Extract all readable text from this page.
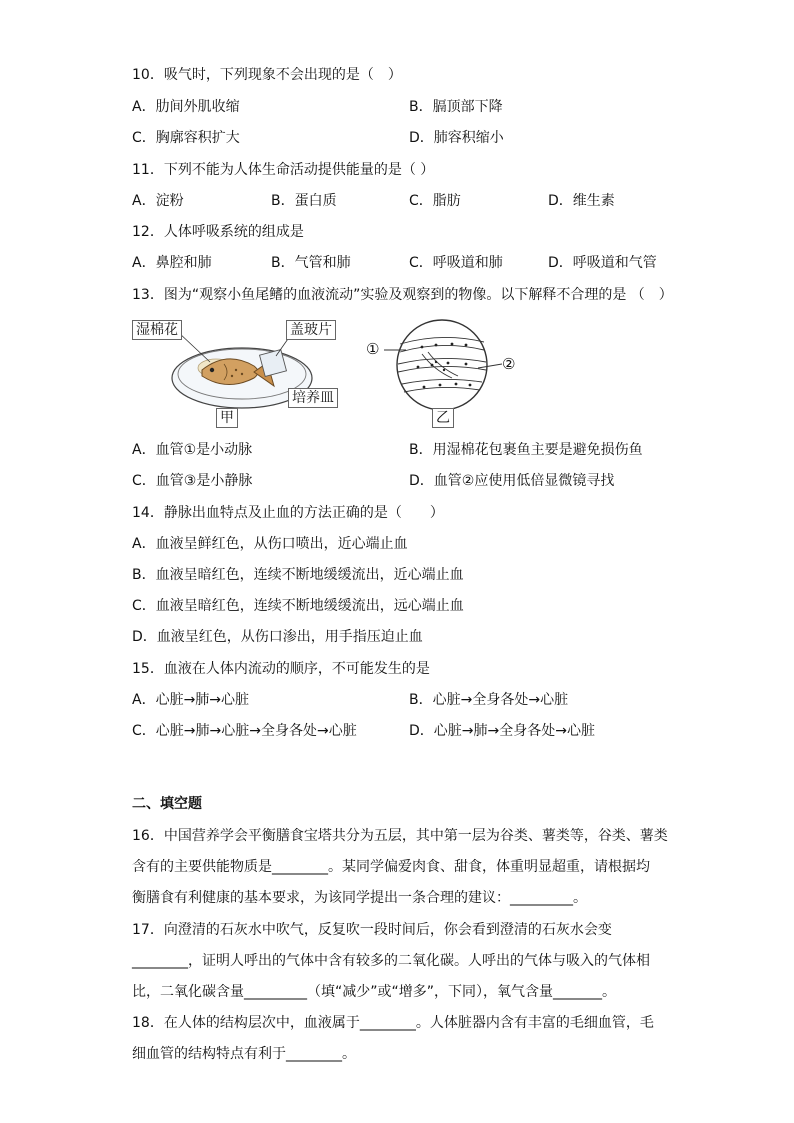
10．吸气时，下列现象不会出现的是（　）
A．肋间外肌收缩	B．膈顶部下降
C．胸廓容积扩大	D．肺容积缩小
11．下列不能为人体生命活动提供能量的是（ ）
A．淀粉	B．蛋白质	C．脂肪	D．维生素
12．人体呼吸系统的组成是
A．鼻腔和肺	B．气管和肺	C．呼吸道和肺	D．呼吸道和气管
13．图为“观察小鱼尾鳍的血液流动”实验及观察到的物像。以下解释不合理的是 （　）
湿棉花	盖玻片
培养皿
甲
①
②
乙
A．血管①是小动脉	B．用湿棉花包裹鱼主要是避免损伤鱼
C．血管③是小静脉	D．血管②应使用低倍显微镜寻找
14．静脉出血特点及止血的方法正确的是（　　）
A．血液呈鲜红色，从伤口喷出，近心端止血
B．血液呈暗红色，连续不断地缓缓流出，近心端止血
C．血液呈暗红色，连续不断地缓缓流出，远心端止血
D．血液呈红色，从伤口渗出，用手指压迫止血
15．血液在人体内流动的顺序，不可能发生的是
A．心脏→肺→心脏	B．心脏→全身各处→心脏
C．心脏→肺→心脏→全身各处→心脏	D．心脏→肺→全身各处→心脏
二、填空题
16．中国营养学会平衡膳食宝塔共分为五层，其中第一层为谷类、薯类等，谷类、薯类
含有的主要供能物质是________。某同学偏爱肉食、甜食，体重明显超重，请根据均
衡膳食有利健康的基本要求，为该同学提出一条合理的建议：_________。
17．向澄清的石灰水中吹气，反复吹一段时间后，你会看到澄清的石灰水会变
________，证明人呼出的气体中含有较多的二氧化碳。人呼出的气体与吸入的气体相
比，二氧化碳含量_________（填“减少”或“增多”，下同），氧气含量_______。
18．在人体的结构层次中，血液属于________。人体脏器内含有丰富的毛细血管，毛
细血管的结构特点有利于________。
